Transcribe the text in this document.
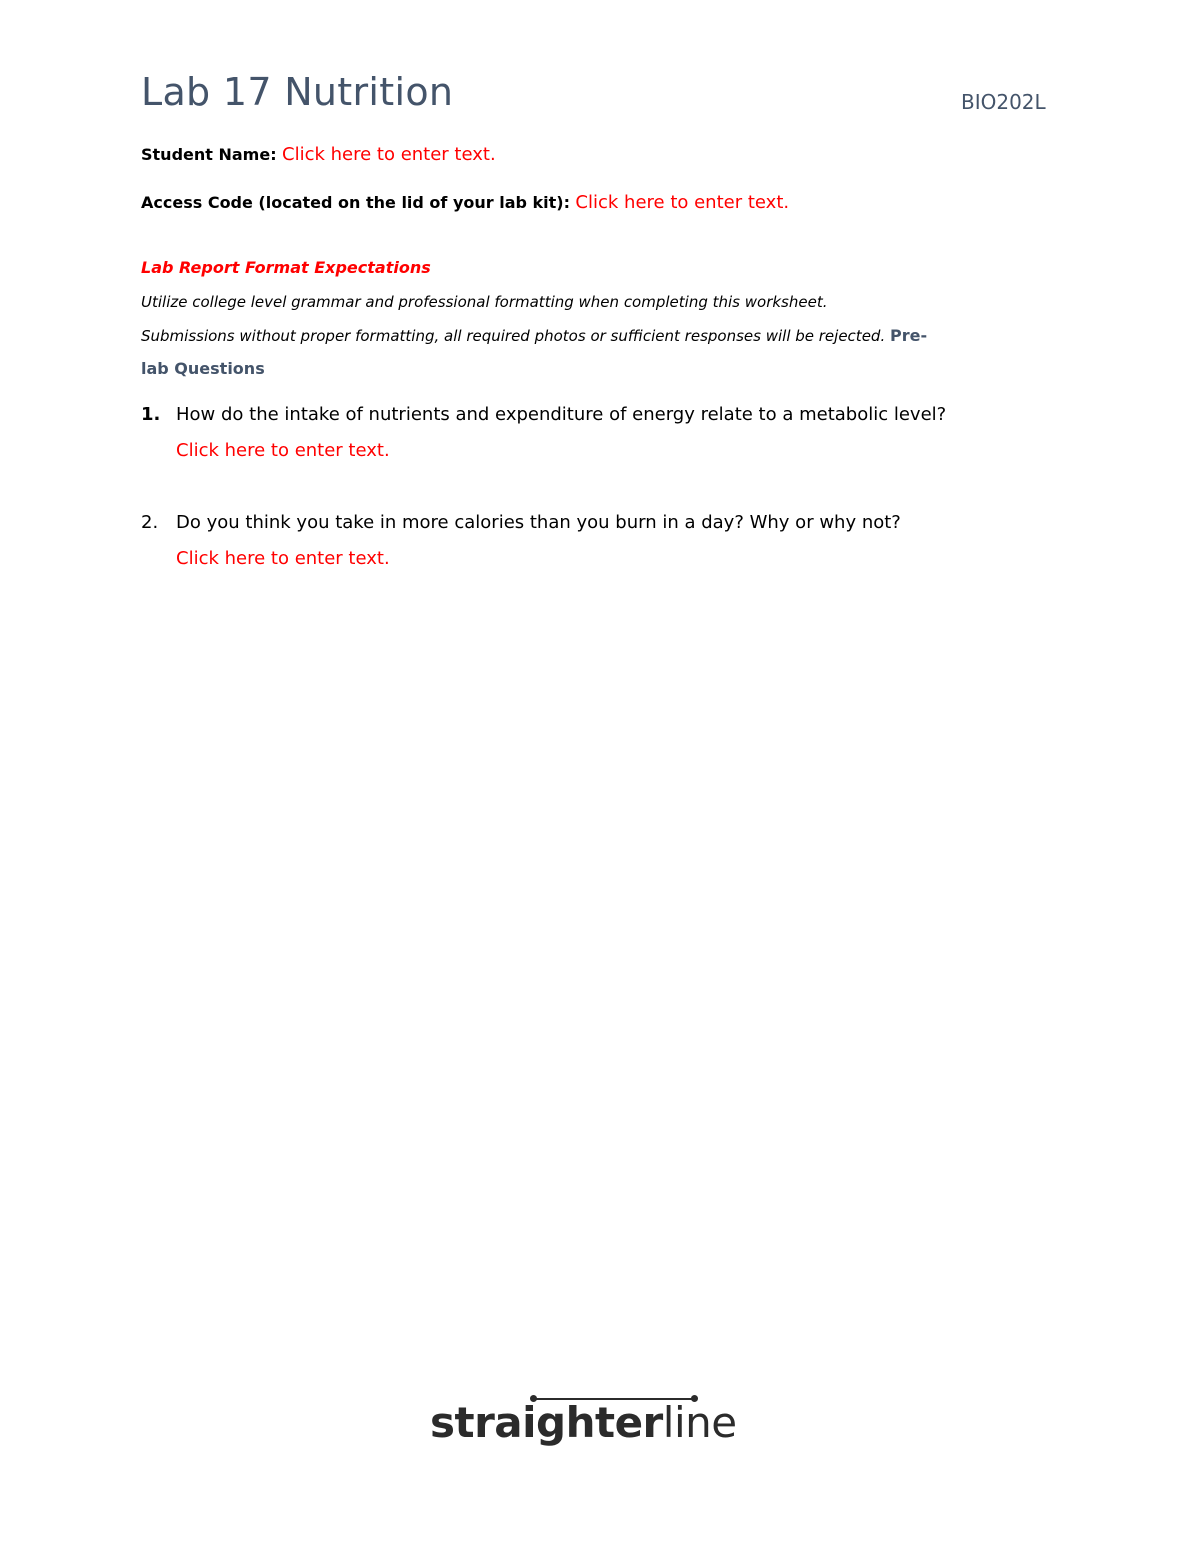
Lab 17 Nutrition	BIO202L
Student Name: Click here to enter text.
Access Code (located on the lid of your lab kit): Click here to enter text.
Lab Report Format Expectations
Utilize college level grammar and professional formatting when completing this worksheet.
Submissions without proper formatting, all required photos or sufficient responses will be rejected. Pre-
lab Questions
1. How do the intake of nutrients and expenditure of energy relate to a metabolic level?
Click here to enter text.
2. Do you think you take in more calories than you burn in a day? Why or why not?
Click here to enter text.
straighterline
